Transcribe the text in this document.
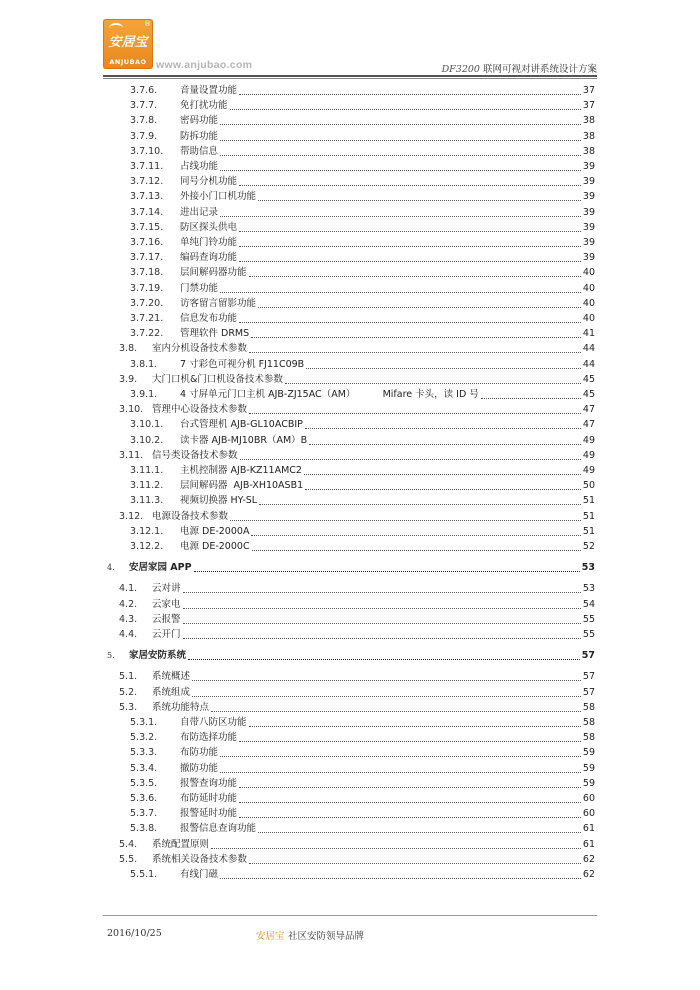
®
安居宝
ANJUBAO www.anjubao.com	DF3200 联网可视对讲系统设计方案
3.7.6.	音量设置功能	37
3.7.7.	免打扰功能	37
3.7.8.	密码功能	38
3.7.9.	防拆功能	38
3.7.10.	帮助信息	38
3.7.11.	占线功能	39
3.7.12.	同号分机功能	39
3.7.13.	外接小门口机功能	39
3.7.14.	进出记录	39
3.7.15.	防区探头供电	39
3.7.16.	单纯门铃功能	39
3.7.17.	编码查询功能	39
3.7.18.	层间解码器功能	40
3.7.19.	门禁功能	40
3.7.20.	访客留言留影功能	40
3.7.21.	信息发布功能	40
3.7.22.	管理软件 DRMS	41
3.8.	室内分机设备技术参数	44
3.8.1.	7 寸彩色可视分机 FJ11C09B	44
3.9.	大门口机&门口机设备技术参数	45
3.9.1.	4 寸屏单元门口主机 AJB-ZJ15AC（AM）         Mifare 卡头，读 ID 号	45
3.10. 管理中心设备技术参数	47
3.10.1.	台式管理机 AJB-GL10ACBIP	47
3.10.2.	读卡器 AJB-MJ10BR（AM）B	49
3.11. 信号类设备技术参数	49
3.11.1.	主机控制器 AJB-KZ11AMC2	49
3.11.2.	层间解码器  AJB-XH10ASB1	50
3.11.3.	视频切换器 HY-SL	51
3.12. 电源设备技术参数	51
3.12.1.	电源 DE-2000A	51
3.12.2.	电源 DE-2000C	52
4.	安居家园 APP	53
4.1.	云对讲	53
4.2.	云家电	54
4.3.	云报警	55
4.4.	云开门	55
5.	家居安防系统	57
5.1.	系统概述	57
5.2.	系统组成	57
5.3.	系统功能特点	58
5.3.1.	自带八防区功能	58
5.3.2.	布防选择功能	58
5.3.3.	布防功能	59
5.3.4.	撤防功能	59
5.3.5.	报警查询功能	59
5.3.6.	布防延时功能	60
5.3.7.	报警延时功能	60
5.3.8.	报警信息查询功能	61
5.4.	系统配置原则	61
5.5.	系统相关设备技术参数	62
5.5.1.	有线门磁	62
2016/10/25	安居宝 社区安防领导品牌
